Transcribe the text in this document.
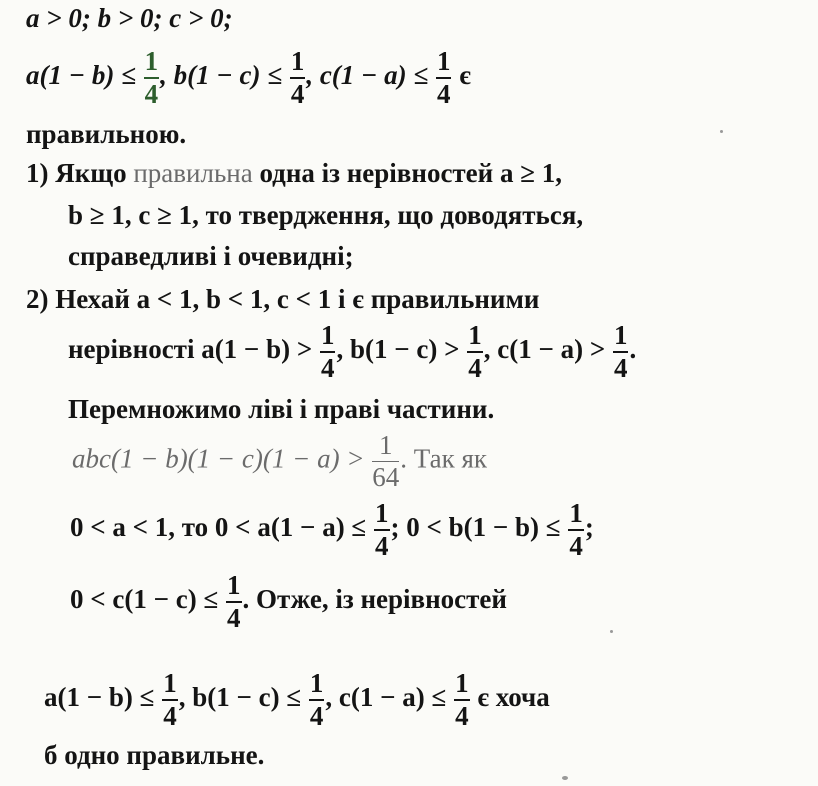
a > 0; b > 0; c > 0;
$a(1 - b) \le \frac{1}{4}$ , $b(1 - c) \le \frac{1}{4}$ , $c(1 - a) \le \frac{1}{4}$ є
правильною.
1) Якщо правильна одна із нерівностей a ≥ 1,
b ≥ 1, c ≥ 1, то твердження, що доводяться,
справедливі і очевидні;
2) Нехай a < 1, b < 1, c < 1 і є правильними
нерівності $a(1 - b) > \frac{1}{4}$ , $b(1 - c) > \frac{1}{4}$ , $c(1 - a) > \frac{1}{4}$ .
Перемножимо ліві і праві частини.
$abc(1 - b)(1 - c)(1 - a) > \frac{1}{64}$ . Так як
0 < a < 1, то $0 < a(1 - a) \le \frac{1}{4}$ ; $0 < b(1 - b) \le \frac{1}{4}$ ;
$0 < c(1 - c) \le \frac{1}{4}$ . Отже, із нерівностей
$a(1 - b) \le \frac{1}{4}$ , $b(1 - c) \le \frac{1}{4}$ , $c(1 - a) \le \frac{1}{4}$ є хоча
б одно правильне.
